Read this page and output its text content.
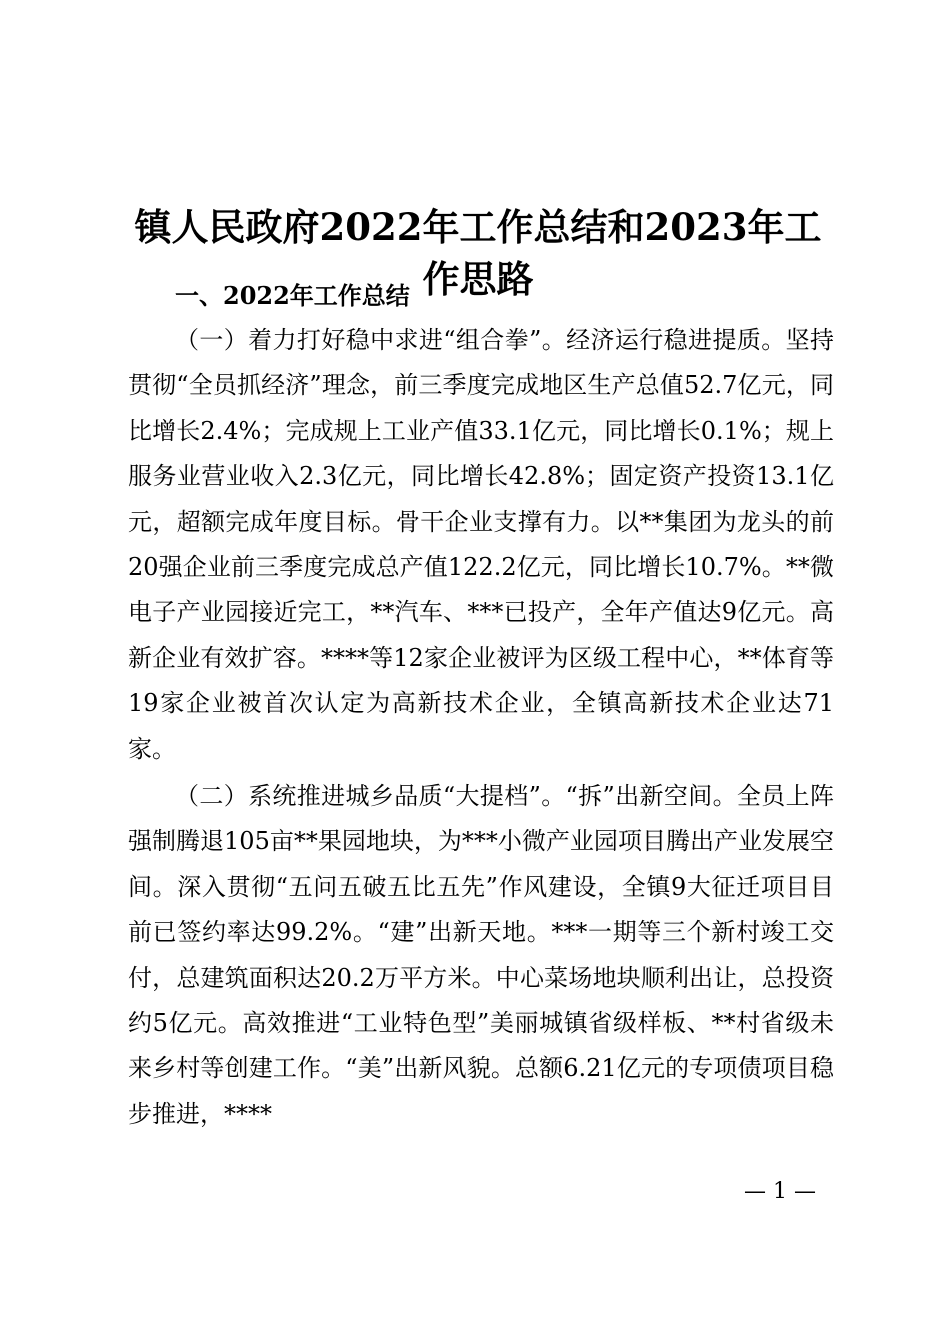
镇人民政府2022年工作总结和2023年工作思路
一、2022年工作总结

（一）着力打好稳中求进“组合拳”。经济运行稳进提质。坚持贯彻“全员抓经济”理念，前三季度完成地区生产总值52.7亿元，同比增长2.4%；完成规上工业产值33.1亿元，同比增长0.1%；规上服务业营业收入2.3亿元，同比增长42.8%；固定资产投资13.1亿元，超额完成年度目标。骨干企业支撑有力。以**集团为龙头的前20强企业前三季度完成总产值122.2亿元，同比增长10.7%。**微电子产业园接近完工，**汽车、***已投产，全年产值达9亿元。高新企业有效扩容。****等12家企业被评为区级工程中心，**体育等19家企业被首次认定为高新技术企业，全镇高新技术企业达71家。

（二）系统推进城乡品质“大提档”。“拆”出新空间。全员上阵强制腾退105亩**果园地块，为***小微产业园项目腾出产业发展空间。深入贯彻“五问五破五比五先”作风建设，全镇9大征迁项目目前已签约率达99.2%。“建”出新天地。***一期等三个新村竣工交付，总建筑面积达20.2万平方米。中心菜场地块顺利出让，总投资约5亿元。高效推进“工业特色型”美丽城镇省级样板、**村省级未来乡村等创建工作。“美”出新风貌。总额6.21亿元的专项债项目稳步推进，****

— 1 —
